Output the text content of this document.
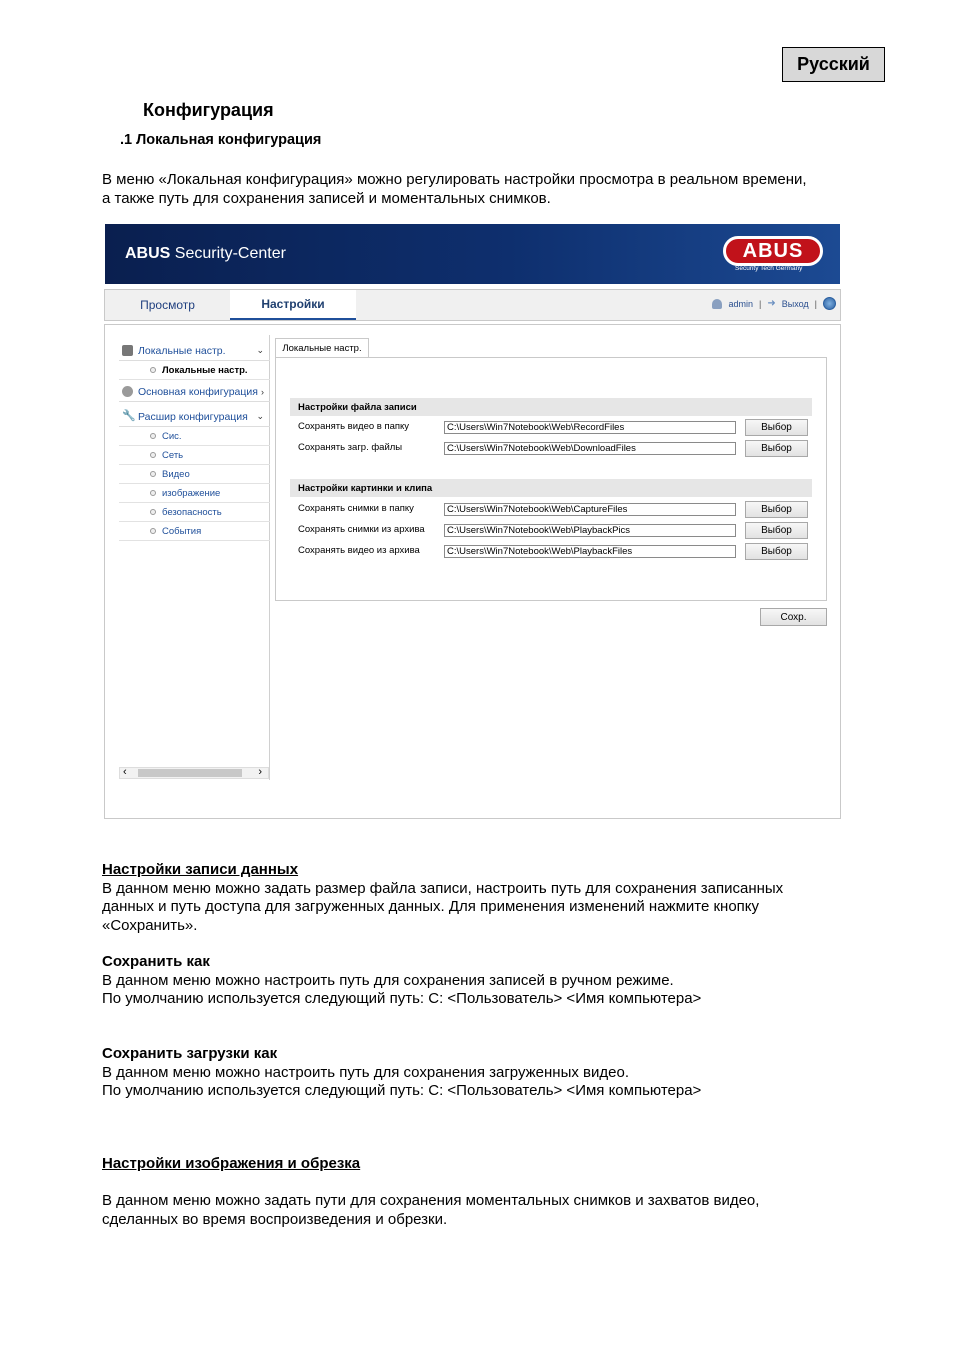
Русский
Конфигурация
.1 Локальная конфигурация
В меню «Локальная конфигурация» можно регулировать настройки просмотра в реальном времени,
а также путь для сохранения записей и моментальных снимков.
ABUS Security-Center	ABUS
Security Tech Germany
Просмотр	Настройки	admin | ➜ Выход |
Локальные настр.	⌄
Локальные настр.
Основная конфигурация ›
🔧 Расшир конфигурация ⌄
Сис.
Сеть
Видео
изображение
безопасность
События
‹	›
Локальные настр.
Настройки файла записи
Сохранять видео в папку	C:\Users\Win7Notebook\Web\RecordFiles	Выбор
Сохранять загр. файлы	C:\Users\Win7Notebook\Web\DownloadFiles	Выбор
Настройки картинки и клипа
Сохранять снимки в папку	C:\Users\Win7Notebook\Web\CaptureFiles	Выбор
Сохранять снимки из архива	C:\Users\Win7Notebook\Web\PlaybackPics	Выбор
Сохранять видео из архива	C:\Users\Win7Notebook\Web\PlaybackFiles	Выбор
Сохр.
Настройки записи данных
В данном меню можно задать размер файла записи, настроить путь для сохранения записанных
данных и путь доступа для загруженных данных. Для применения изменений нажмите кнопку
«Сохранить».
Сохранить как
В данном меню можно настроить путь для сохранения записей в ручном режиме.
По умолчанию используется следующий путь: C: <Пользователь> <Имя компьютера>
Сохранить загрузки как
В данном меню можно настроить путь для сохранения загруженных видео.
По умолчанию используется следующий путь: C: <Пользователь> <Имя компьютера>
Настройки изображения и обрезка
В данном меню можно задать пути для сохранения моментальных снимков и захватов видео,
сделанных во время воспроизведения и обрезки.
